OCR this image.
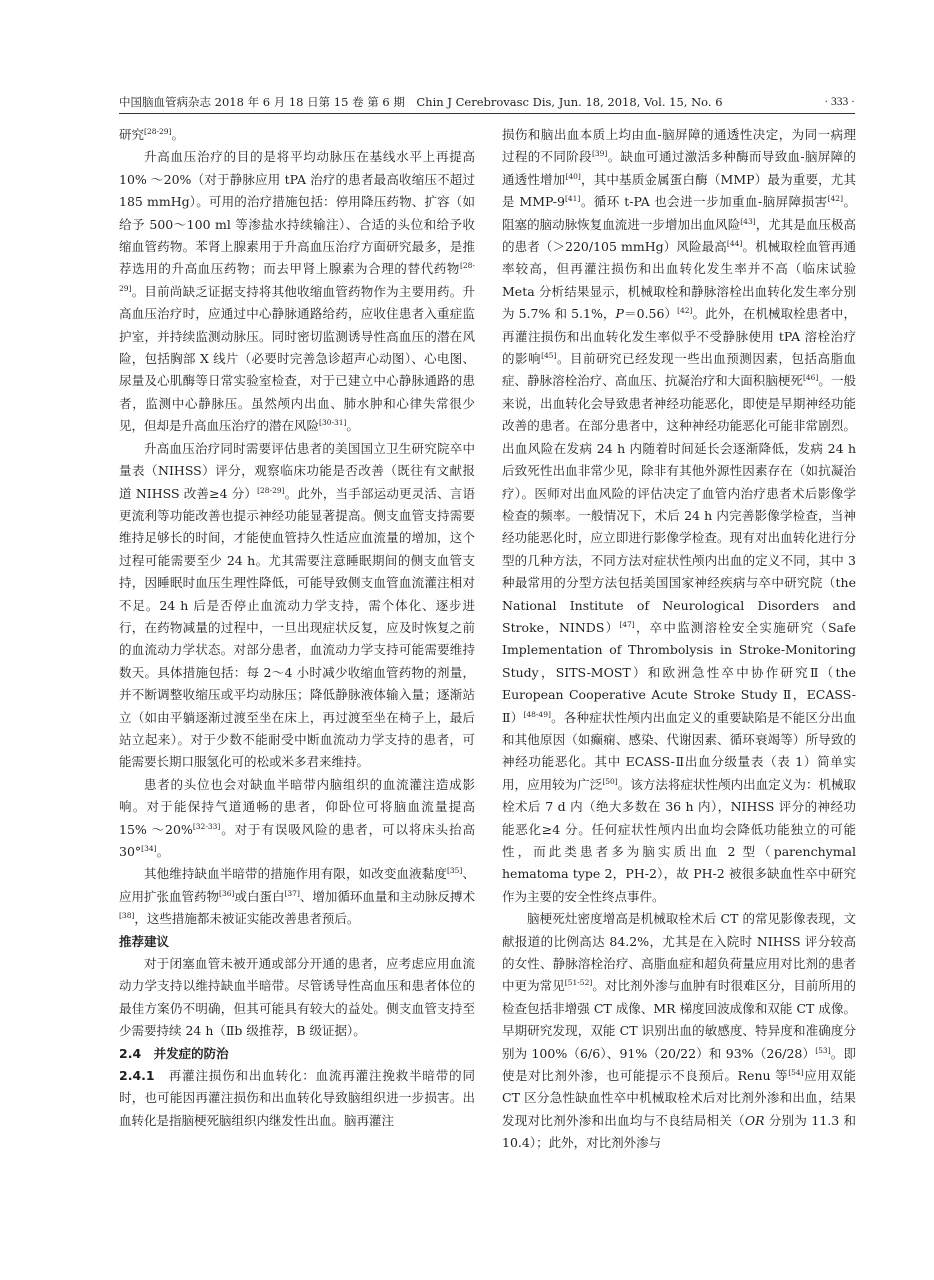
中国脑血管病杂志 2018 年 6 月 18 日第 15 卷 第 6 期　Chin J Cerebrovasc Dis, Jun. 18, 2018, Vol. 15, No. 6	· 333 ·

研究[28-29]。

升高血压治疗的目的是将平均动脉压在基线水平上再提高 10% ～20%（对于静脉应用 tPA 治疗的患者最高收缩压不超过 185 mmHg）。可用的治疗措施包括：停用降压药物、扩容（如给予 500～100 ml 等渗盐水持续输注）、合适的头位和给予收缩血管药物。苯肾上腺素用于升高血压治疗方面研究最多，是推荐选用的升高血压药物；而去甲肾上腺素为合理的替代药物[28-29]。目前尚缺乏证据支持将其他收缩血管药物作为主要用药。升高血压治疗时，应通过中心静脉通路给药，应收住患者入重症监护室，并持续监测动脉压。同时密切监测诱导性高血压的潜在风险，包括胸部 X 线片（必要时完善急诊超声心动图）、心电图、尿量及心肌酶等日常实验室检查，对于已建立中心静脉通路的患者，监测中心静脉压。虽然颅内出血、肺水肿和心律失常很少见，但却是升高血压治疗的潜在风险[30-31]。

升高血压治疗同时需要评估患者的美国国立卫生研究院卒中量表（NIHSS）评分，观察临床功能是否改善（既往有文献报道 NIHSS 改善≥4 分）[28-29]。此外，当手部运动更灵活、言语更流利等功能改善也提示神经功能显著提高。侧支血管支持需要维持足够长的时间，才能使血管持久性适应血流量的增加，这个过程可能需要至少 24 h。尤其需要注意睡眠期间的侧支血管支持，因睡眠时血压生理性降低，可能导致侧支血管血流灌注相对不足。24 h 后是否停止血流动力学支持，需个体化、逐步进行，在药物减量的过程中，一旦出现症状反复，应及时恢复之前的血流动力学状态。对部分患者，血流动力学支持可能需要维持数天。具体措施包括：每 2～4 小时减少收缩血管药物的剂量，并不断调整收缩压或平均动脉压；降低静脉液体输入量；逐渐站立（如由平躺逐渐过渡至坐在床上，再过渡至坐在椅子上，最后站立起来）。对于少数不能耐受中断血流动力学支持的患者，可能需要长期口服氢化可的松或米多君来维持。

患者的头位也会对缺血半暗带内脑组织的血流灌注造成影响。对于能保持气道通畅的患者，仰卧位可将脑血流量提高 15% ～20%[32-33]。对于有误吸风险的患者，可以将床头抬高 30°[34]。

其他维持缺血半暗带的措施作用有限，如改变血液黏度[35]、应用扩张血管药物[36]或白蛋白[37]、增加循环血量和主动脉反搏术[38]，这些措施都未被证实能改善患者预后。

推荐建议

对于闭塞血管未被开通或部分开通的患者，应考虑应用血流动力学支持以维持缺血半暗带。尽管诱导性高血压和患者体位的最佳方案仍不明确，但其可能具有较大的益处。侧支血管支持至少需要持续 24 h（Ⅱb 级推荐，B 级证据）。

2.4　 并发症的防治

2.4.1　 再灌注损伤和出血转化：血流再灌注挽救半暗带的同时，也可能因再灌注损伤和出血转化导致脑组织进一步损害。出血转化是指脑梗死脑组织内继发性出血。脑再灌注

损伤和脑出血本质上均由血-脑屏障的通透性决定，为同一病理过程的不同阶段[39]。缺血可通过激活多种酶而导致血-脑屏障的通透性增加[40]，其中基质金属蛋白酶（MMP）最为重要，尤其是 MMP-9[41]。循环 t-PA 也会进一步加重血-脑屏障损害[42]。阻塞的脑动脉恢复血流进一步增加出血风险[43]，尤其是血压极高的患者（＞220/105 mmHg）风险最高[44]。机械取栓血管再通率较高，但再灌注损伤和出血转化发生率并不高（临床试验 Meta 分析结果显示，机械取栓和静脉溶栓出血转化发生率分别为 5.7% 和 5.1%，P＝0.56）[42]。此外，在机械取栓患者中，再灌注损伤和出血转化发生率似乎不受静脉使用 tPA 溶栓治疗的影响[45]。目前研究已经发现一些出血预测因素，包括高脂血症、静脉溶栓治疗、高血压、抗凝治疗和大面积脑梗死[46]。一般来说，出血转化会导致患者神经功能恶化，即使是早期神经功能改善的患者。在部分患者中，这种神经功能恶化可能非常剧烈。出血风险在发病 24 h 内随着时间延长会逐渐降低，发病 24 h 后致死性出血非常少见，除非有其他外源性因素存在（如抗凝治疗）。医师对出血风险的评估决定了血管内治疗患者术后影像学检查的频率。一般情况下，术后 24 h 内完善影像学检查，当神经功能恶化时，应立即进行影像学检查。现有对出血转化进行分型的几种方法，不同方法对症状性颅内出血的定义不同，其中 3 种最常用的分型方法包括美国国家神经疾病与卒中研究院（the National Institute of Neurological Disorders and Stroke，NINDS）[47]，卒中监测溶栓安全实施研究（Safe Implementation of Thrombolysis in Stroke-Monitoring Study，SITS-MOST）和欧洲急性卒中协作研究Ⅱ（the European Cooperative Acute Stroke Study Ⅱ，ECASS-Ⅱ）[48-49]。各种症状性颅内出血定义的重要缺陷是不能区分出血和其他原因（如癫痫、感染、代谢因素、循环衰竭等）所导致的神经功能恶化。其中 ECASS-Ⅱ出血分级量表（表 1）简单实用，应用较为广泛[50]。该方法将症状性颅内出血定义为：机械取栓术后 7 d 内（绝大多数在 36 h 内），NIHSS 评分的神经功能恶化≥4 分。任何症状性颅内出血均会降低功能独立的可能性，而此类患者多为脑实质出血 2 型（parenchymal hematoma type 2，PH-2），故 PH-2 被很多缺血性卒中研究作为主要的安全性终点事件。

脑梗死灶密度增高是机械取栓术后 CT 的常见影像表现，文献报道的比例高达 84.2%，尤其是在入院时 NIHSS 评分较高的女性、静脉溶栓治疗、高脂血症和超负荷量应用对比剂的患者中更为常见[51-52]。对比剂外渗与血肿有时很难区分，目前所用的检查包括非增强 CT 成像、MR 梯度回波成像和双能 CT 成像。早期研究发现，双能 CT 识别出血的敏感度、特异度和准确度分别为 100%（6/6）、91%（20/22）和 93%（26/28）[53]。即使是对比剂外渗，也可能提示不良预后。Renu 等[54]应用双能 CT 区分急性缺血性卒中机械取栓术后对比剂外渗和出血，结果发现对比剂外渗和出血均与不良结局相关（OR 分别为 11.3 和 10.4）；此外，对比剂外渗与
